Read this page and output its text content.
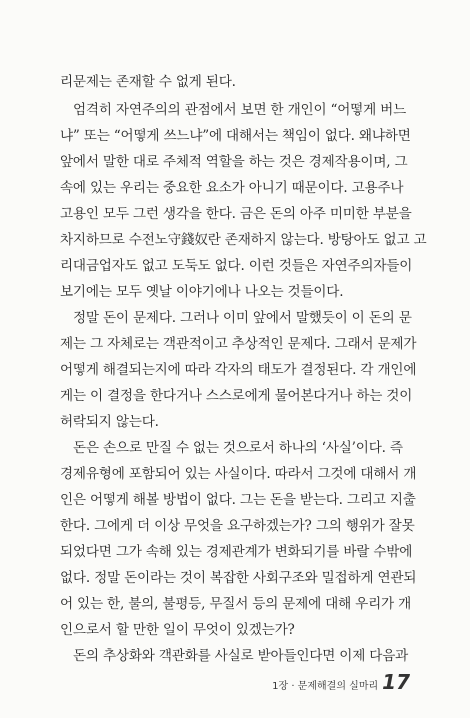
리문제는 존재할 수 없게 된다.
엄격히 자연주의의 관점에서 보면 한 개인이 “어떻게 버느
냐” 또는 “어떻게 쓰느냐”에 대해서는 책임이 없다. 왜냐하면
앞에서 말한 대로 주체적 역할을 하는 것은 경제작용이며, 그
속에 있는 우리는 중요한 요소가 아니기 때문이다. 고용주나
고용인 모두 그런 생각을 한다. 금은 돈의 아주 미미한 부분을
차지하므로 수전노守錢奴란 존재하지 않는다. 방탕아도 없고 고
리대금업자도 없고 도둑도 없다. 이런 것들은 자연주의자들이
보기에는 모두 옛날 이야기에나 나오는 것들이다.
정말 돈이 문제다. 그러나 이미 앞에서 말했듯이 이 돈의 문
제는 그 자체로는 객관적이고 추상적인 문제다. 그래서 문제가
어떻게 해결되는지에 따라 각자의 태도가 결정된다. 각 개인에
게는 이 결정을 한다거나 스스로에게 물어본다거나 하는 것이
허락되지 않는다.
돈은 손으로 만질 수 없는 것으로서 하나의 ‘사실’이다. 즉
경제유형에 포함되어 있는 사실이다. 따라서 그것에 대해서 개
인은 어떻게 해볼 방법이 없다. 그는 돈을 받는다. 그리고 지출
한다. 그에게 더 이상 무엇을 요구하겠는가? 그의 행위가 잘못
되었다면 그가 속해 있는 경제관계가 변화되기를 바랄 수밖에
없다. 정말 돈이라는 것이 복잡한 사회구조와 밀접하게 연관되
어 있는 한, 불의, 불평등, 무질서 등의 문제에 대해 우리가 개
인으로서 할 만한 일이 무엇이 있겠는가?
돈의 추상화와 객관화를 사실로 받아들인다면 이제 다음과
1장 · 문제해결의 실마리 17
